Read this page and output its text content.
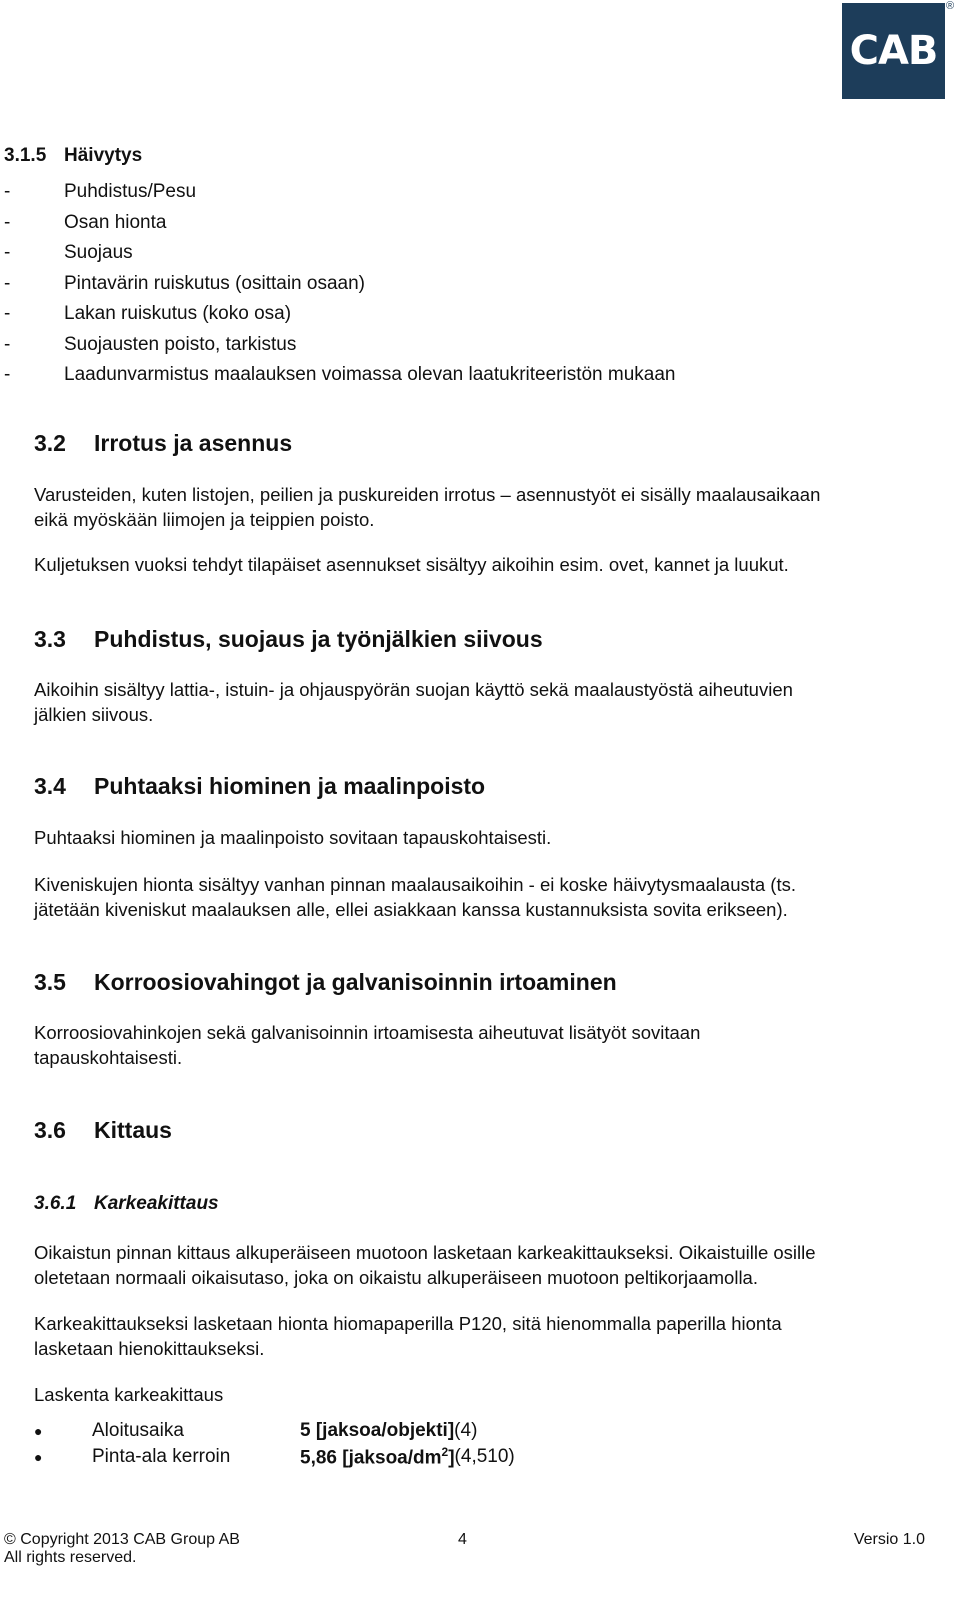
CAB
®
3.1.5 Häivytys
-	Puhdistus/Pesu
-	Osan hionta
-	Suojaus
-	Pintavärin ruiskutus (osittain osaan)
-	Lakan ruiskutus (koko osa)
-	Suojausten poisto, tarkistus
-	Laadunvarmistus maalauksen voimassa olevan laatukriteeristön mukaan
3.2 Irrotus ja asennus
Varusteiden, kuten listojen, peilien ja puskureiden irrotus – asennustyöt ei sisälly maalausaikaan
eikä myöskään liimojen ja teippien poisto.
Kuljetuksen vuoksi tehdyt tilapäiset asennukset sisältyy aikoihin esim. ovet, kannet ja luukut.
3.3 Puhdistus, suojaus ja työnjälkien siivous
Aikoihin sisältyy lattia-, istuin- ja ohjauspyörän suojan käyttö sekä maalaustyöstä aiheutuvien
jälkien siivous.
3.4 Puhtaaksi hiominen ja maalinpoisto
Puhtaaksi hiominen ja maalinpoisto sovitaan tapauskohtaisesti.
Kiveniskujen hionta sisältyy vanhan pinnan maalausaikoihin - ei koske häivytysmaalausta (ts.
jätetään kiveniskut maalauksen alle, ellei asiakkaan kanssa kustannuksista sovita erikseen).
3.5 Korroosiovahingot ja galvanisoinnin irtoaminen
Korroosiovahinkojen sekä galvanisoinnin irtoamisesta aiheutuvat lisätyöt sovitaan
tapauskohtaisesti.
3.6 Kittaus
3.6.1 Karkeakittaus
Oikaistun pinnan kittaus alkuperäiseen muotoon lasketaan karkeakittaukseksi. Oikaistuille osille
oletetaan normaali oikaisutaso, joka on oikaistu alkuperäiseen muotoon peltikorjaamolla.
Karkeakittaukseksi lasketaan hionta hiomapaperilla P120, sitä hienommalla paperilla hionta
lasketaan hienokittaukseksi.
Laskenta karkeakittaus
●	Aloitusaika	5 [jaksoa/objekti] (4)
●	Pinta-ala kerroin	5,86 $[jaksoa/dm^2]$ (4,510)
© Copyright 2013 CAB Group AB
All rights reserved.
4	Versio 1.0
